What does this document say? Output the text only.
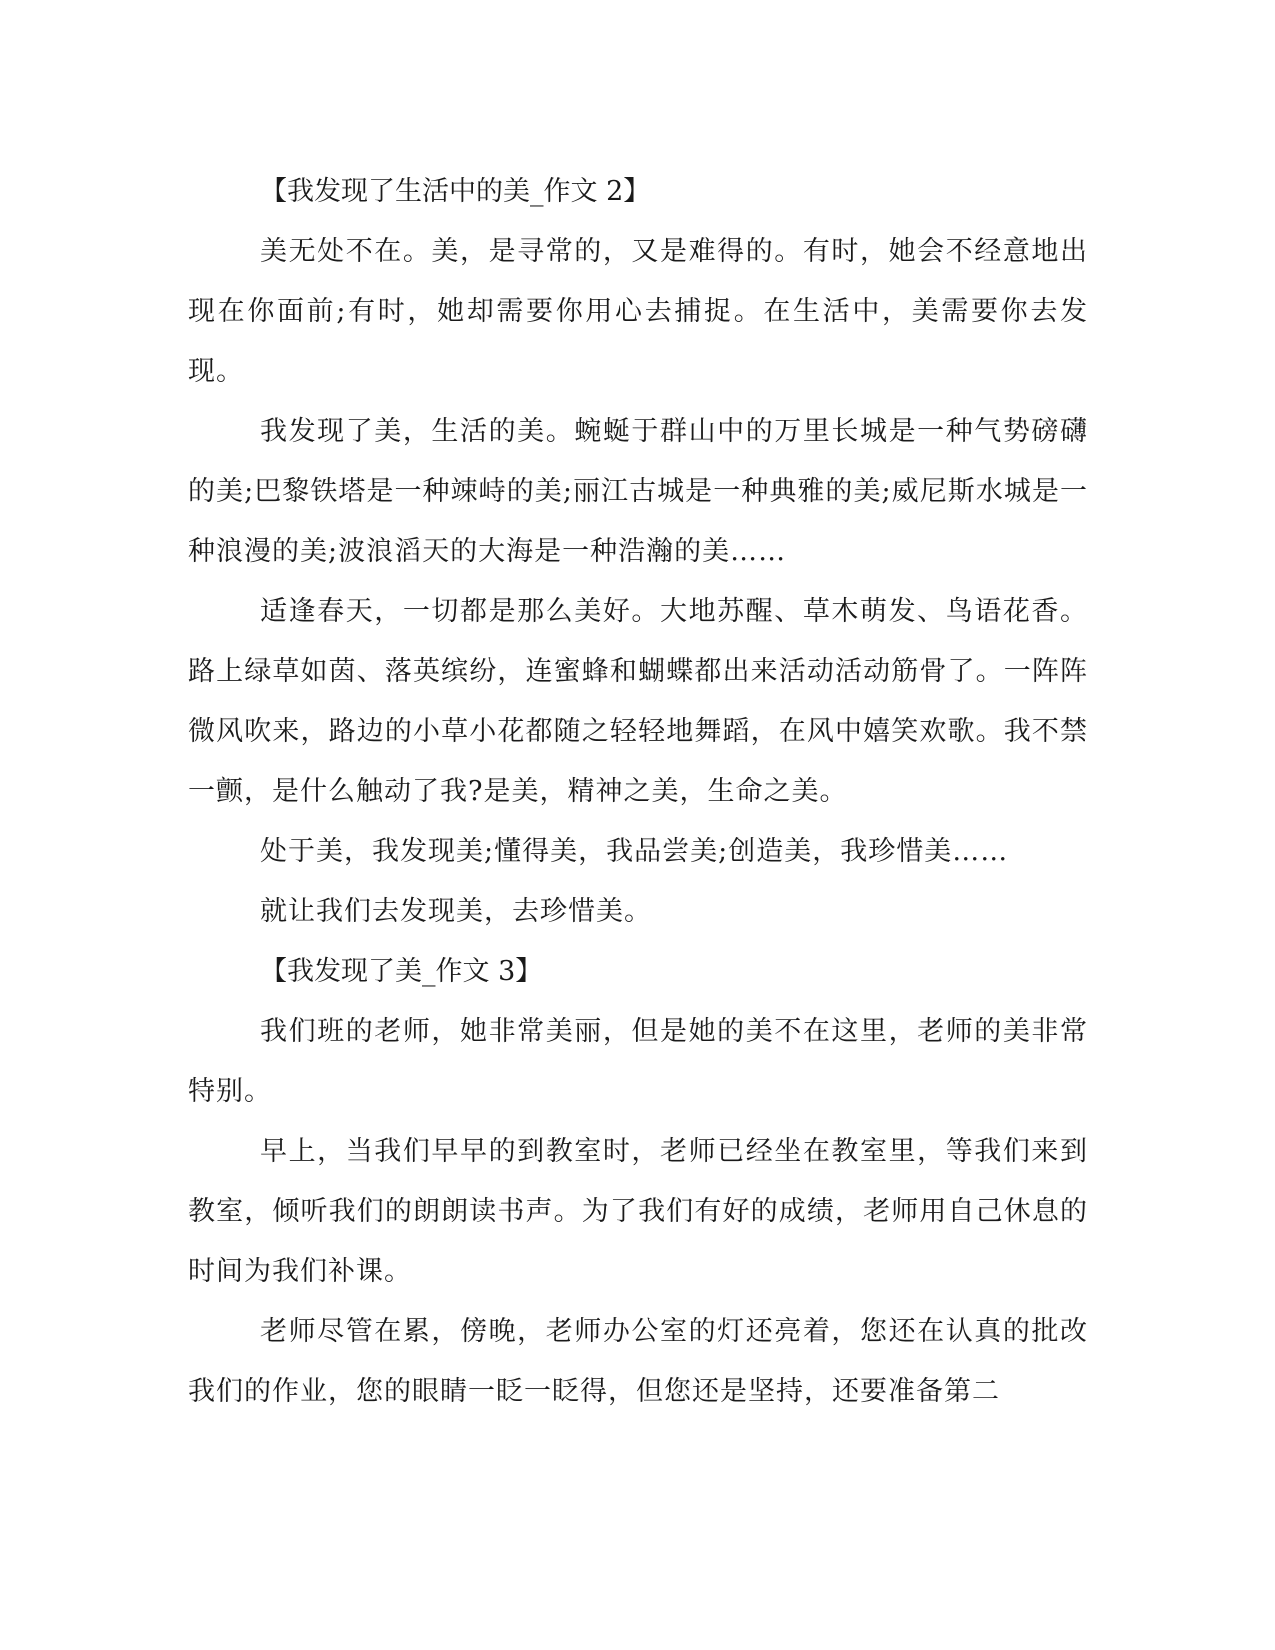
【我发现了生活中的美_作文 2】

美无处不在。美，是寻常的，又是难得的。有时，她会不经意地出现在你面前;有时，她却需要你用心去捕捉。在生活中，美需要你去发现。

我发现了美，生活的美。蜿蜒于群山中的万里长城是一种气势磅礴的美;巴黎铁塔是一种竦峙的美;丽江古城是一种典雅的美;威尼斯水城是一种浪漫的美;波浪滔天的大海是一种浩瀚的美……

适逢春天，一切都是那么美好。大地苏醒、草木萌发、鸟语花香。路上绿草如茵、落英缤纷，连蜜蜂和蝴蝶都出来活动活动筋骨了。一阵阵微风吹来，路边的小草小花都随之轻轻地舞蹈，在风中嬉笑欢歌。我不禁一颤，是什么触动了我?是美，精神之美，生命之美。

处于美，我发现美;懂得美，我品尝美;创造美，我珍惜美……

就让我们去发现美，去珍惜美。

【我发现了美_作文 3】

我们班的老师，她非常美丽，但是她的美不在这里，老师的美非常特别。

早上，当我们早早的到教室时，老师已经坐在教室里，等我们来到教室，倾听我们的朗朗读书声。为了我们有好的成绩，老师用自己休息的时间为我们补课。

老师尽管在累，傍晚，老师办公室的灯还亮着，您还在认真的批改我们的作业，您的眼睛一眨一眨得，但您还是坚持，还要准备第二
